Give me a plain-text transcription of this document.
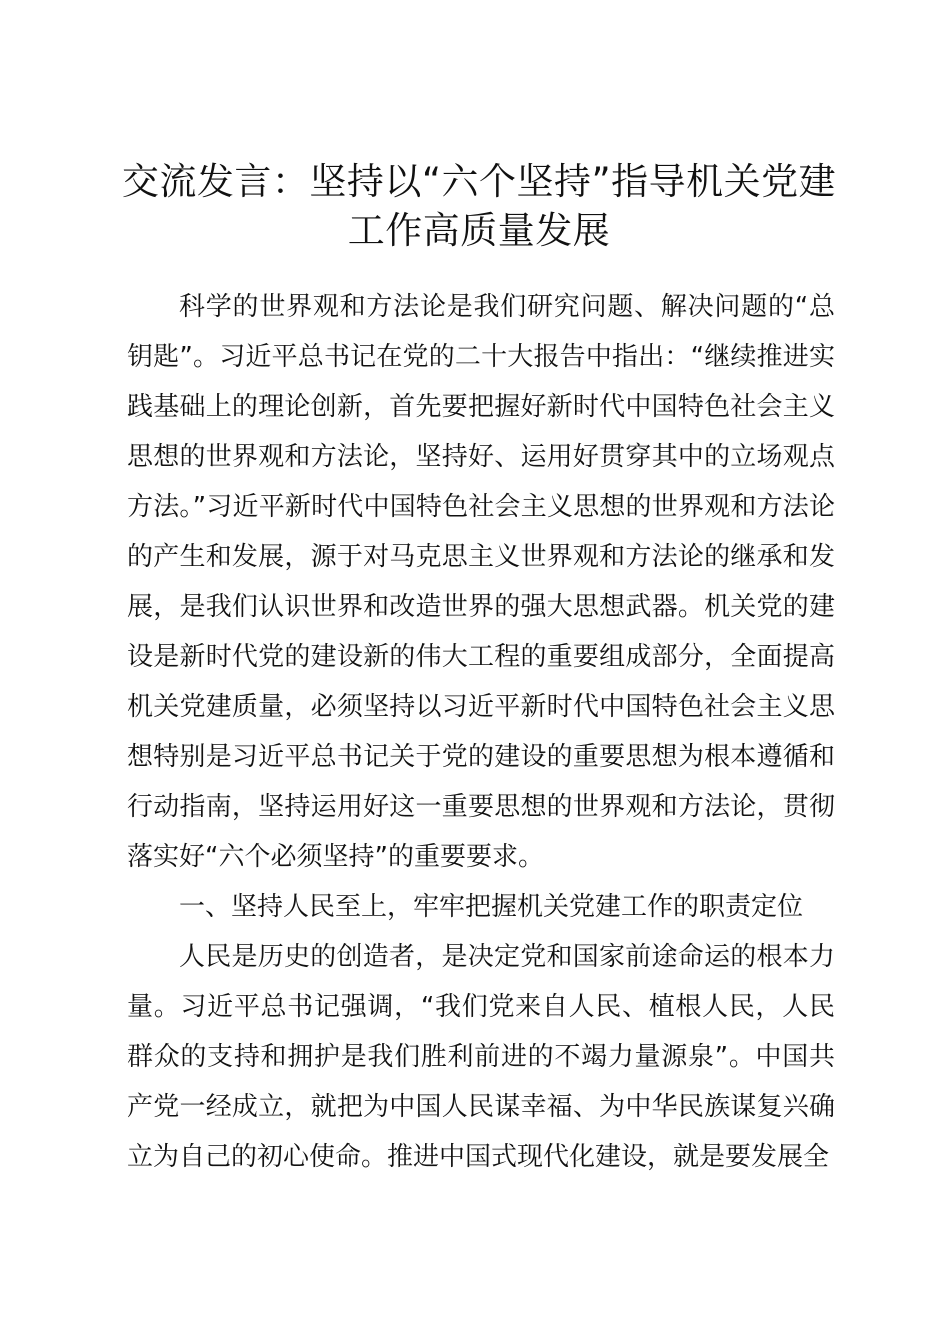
交流发言：坚持以“六个坚持”指导机关党建
工作高质量发展

科学的世界观和方法论是我们研究问题、解决问题的“总钥匙”。习近平总书记在党的二十大报告中指出：“继续推进实践基础上的理论创新，首先要把握好新时代中国特色社会主义思想的世界观和方法论，坚持好、运用好贯穿其中的立场观点方法。”习近平新时代中国特色社会主义思想的世界观和方法论的产生和发展，源于对马克思主义世界观和方法论的继承和发展，是我们认识世界和改造世界的强大思想武器。机关党的建设是新时代党的建设新的伟大工程的重要组成部分，全面提高机关党建质量，必须坚持以习近平新时代中国特色社会主义思想特别是习近平总书记关于党的建设的重要思想为根本遵循和行动指南，坚持运用好这一重要思想的世界观和方法论，贯彻落实好“六个必须坚持”的重要要求。

一、坚持人民至上，牢牢把握机关党建工作的职责定位

人民是历史的创造者，是决定党和国家前途命运的根本力量。习近平总书记强调，“我们党来自人民、植根人民，人民群众的支持和拥护是我们胜利前进的不竭力量源泉”。中国共产党一经成立，就把为中国人民谋幸福、为中华民族谋复兴确立为自己的初心使命。推进中国式现代化建设，就是要发展全
